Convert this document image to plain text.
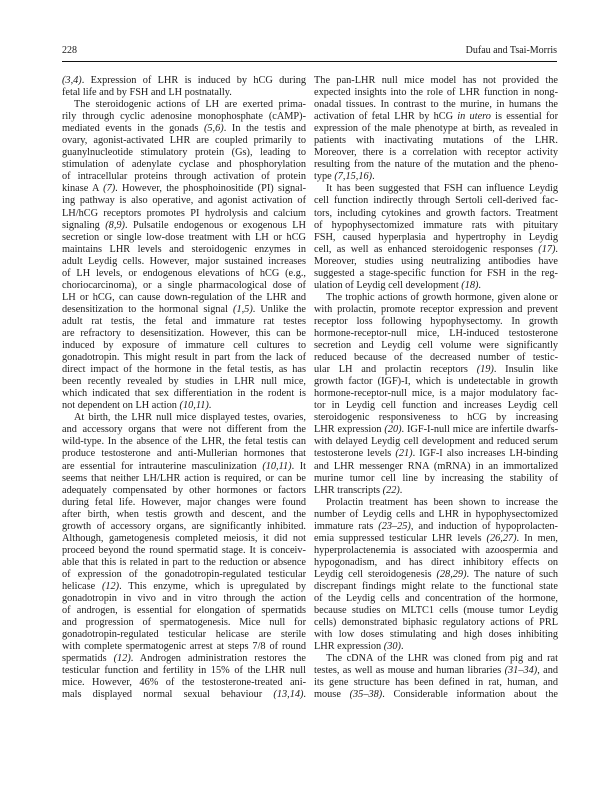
228	Dufau and Tsai-Morris
(3,4). Expression of LHR is induced by hCG during
fetal life and by FSH and LH postnatally.
The steroidogenic actions of LH are exerted prima-
rily through cyclic adenosine monophosphate (cAMP)-
mediated events in the gonads (5,6). In the testis and
ovary, agonist-activated LHR are coupled primarily to
guanylnucleotide stimulatory protein (Gs), leading to
stimulation of adenylate cyclase and phosphorylation
of intracellular proteins through activation of protein
kinase A (7). However, the phosphoinositide (PI) signal-
ing pathway is also operative, and agonist activation of
LH/hCG receptors promotes PI hydrolysis and calcium
signaling (8,9). Pulsatile endogenous or exogenous LH
secretion or single low-dose treatment with LH or hCG
maintains LHR levels and steroidogenic enzymes in
adult Leydig cells. However, major sustained increases
of LH levels, or endogenous elevations of hCG (e.g.,
choriocarcinoma), or a single pharmacological dose of
LH or hCG, can cause down-regulation of the LHR and
desensitization to the hormonal signal (1,5). Unlike the
adult rat testis, the fetal and immature rat testes
are refractory to desensitization. However, this can be
induced by exposure of immature cell cultures to
gonadotropin. This might result in part from the lack of
direct impact of the hormone in the fetal testis, as has
been recently revealed by studies in LHR null mice,
which indicated that sex differentiation in the rodent is
not dependent on LH action (10,11).
At birth, the LHR null mice displayed testes, ovaries,
and accessory organs that were not different from the
wild-type. In the absence of the LHR, the fetal testis can
produce testosterone and anti-Mullerian hormones that
are essential for intrauterine masculinization (10,11). It
seems that neither LH/LHR action is required, or can be
adequately compensated by other hormones or factors
during fetal life. However, major changes were found
after birth, when testis growth and descent, and the
growth of accessory organs, are significantly inhibited.
Although, gametogenesis completed meiosis, it did not
proceed beyond the round spermatid stage. It is conceiv-
able that this is related in part to the reduction or absence
of expression of the gonadotropin-regulated testicular
helicase (12). This enzyme, which is upregulated by
gonadotropin in vivo and in vitro through the action
of androgen, is essential for elongation of spermatids
and progression of spermatogenesis. Mice null for
gonadotropin-regulated testicular helicase are sterile
with complete spermatogenic arrest at steps 7/8 of round
spermatids (12). Androgen administration restores the
testicular function and fertility in 15% of the LHR null
mice. However, 46% of the testosterone-treated ani-
mals displayed normal sexual behaviour (13,14).
The pan-LHR null mice model has not provided the
expected insights into the role of LHR function in nong-
onadal tissues. In contrast to the murine, in humans the
activation of fetal LHR by hCG in utero is essential for
expression of the male phenotype at birth, as revealed in
patients with inactivating mutations of the LHR.
Moreover, there is a correlation with receptor activity
resulting from the nature of the mutation and the pheno-
type (7,15,16).
It has been suggested that FSH can influence Leydig
cell function indirectly through Sertoli cell-derived fac-
tors, including cytokines and growth factors. Treatment
of hypophysectomized immature rats with pituitary
FSH, caused hyperplasia and hypertrophy in Leydig
cell, as well as enhanced steroidogenic responses (17).
Moreover, studies using neutralizing antibodies have
suggested a stage-specific function for FSH in the reg-
ulation of Leydig cell development (18).
The trophic actions of growth hormone, given alone or
with prolactin, promote receptor expression and prevent
receptor loss following hypophysectomy. In growth
hormone-receptor-null mice, LH-induced testosterone
secretion and Leydig cell volume were significantly
reduced because of the decreased number of testic-
ular LH and prolactin receptors (19). Insulin like
growth factor (IGF)-I, which is undetectable in growth
hormone-receptor-null mice, is a major modulatory fac-
tor in Leydig cell function and increases Leydig cell
steroidogenic responsiveness to hCG by increasing
LHR expression (20). IGF-I-null mice are infertile dwarfs-
with delayed Leydig cell development and reduced serum
testosterone levels (21). IGF-I also increases LH-binding
and LHR messenger RNA (mRNA) in an immortalized
murine tumor cell line by increasing the stability of
LHR transcripts (22).
Prolactin treatment has been shown to increase the
number of Leydig cells and LHR in hypophysectomized
immature rats (23–25), and induction of hypoprolacten-
emia suppressed testicular LHR levels (26,27). In men,
hyperprolactenemia is associated with azoospermia and
hypogonadism, and has direct inhibitory effects on
Leydig cell steroidogenesis (28,29). The nature of such
discrepant findings might relate to the functional state
of the Leydig cells and concentration of the hormone,
because studies on MLTC1 cells (mouse tumor Leydig
cells) demonstrated biphasic regulatory actions of PRL
with low doses stimulating and high doses inhibiting
LHR expression (30).
The cDNA of the LHR was cloned from pig and rat
testes, as well as mouse and human libraries (31–34), and
its gene structure has been defined in rat, human, and
mouse (35–38). Considerable information about the
